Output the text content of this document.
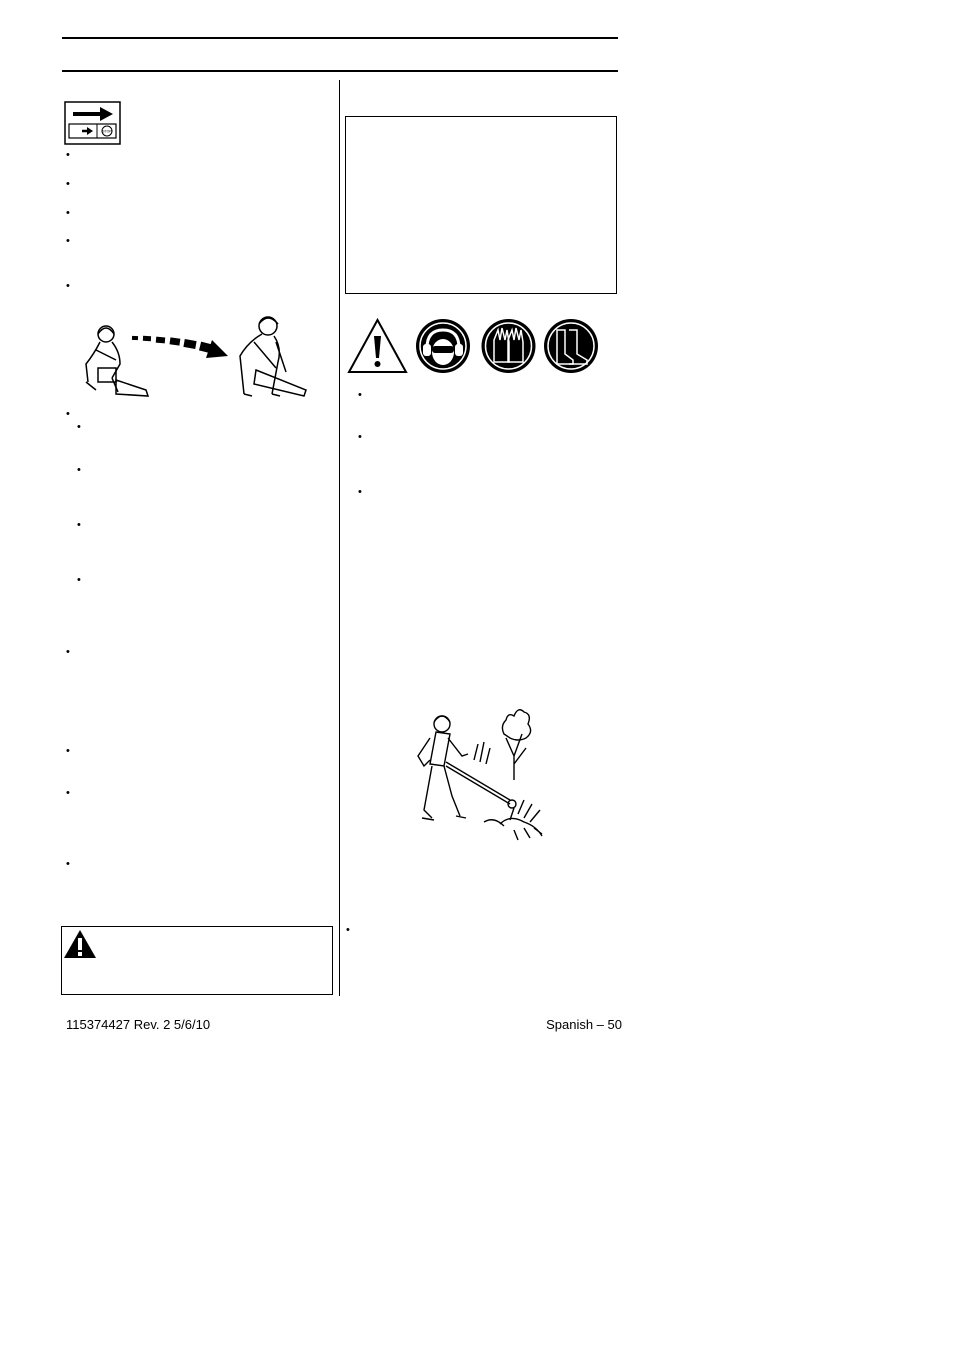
STOP
•
•
•
•
•
•
•
•
•
•
•
•
•
•
•
•
•
•
115374427 Rev. 2 5/6/10	Spanish – 50
